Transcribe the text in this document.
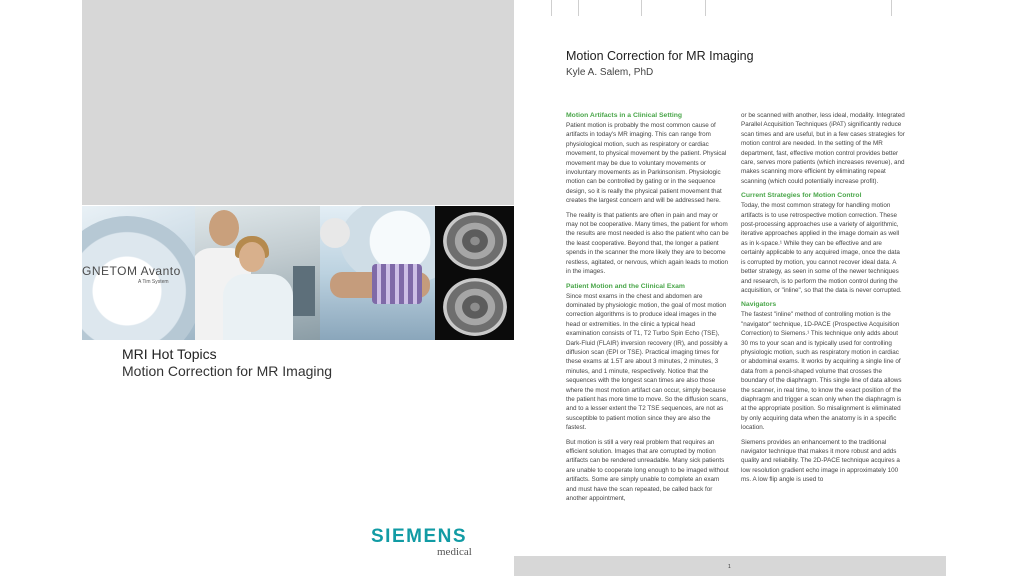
GNETOM Avanto
A Tim System
MRI Hot Topics
Motion Correction for MR Imaging
SIEMENS
medical
Motion Correction for MR Imaging
Kyle A. Salem, PhD
Motion Artifacts in a Clinical Setting

Patient motion is probably the most common cause of artifacts in today's MR imaging. This can range from physiological motion, such as respiratory or cardiac movement, to physical movement by the patient. Physical movement may be due to voluntary movements or involuntary movements as in Parkinsonism. Physiologic motion can be controlled by gating or in the sequence design, so it is really the physical patient movement that creates the largest concern and will be addressed here.

The reality is that patients are often in pain and may or may not be cooperative. Many times, the patient for whom the results are most needed is also the patient who can be the least cooperative. Beyond that, the longer a patient spends in the scanner the more likely they are to become restless, agitated, or nervous, which again leads to motion in the images.

Patient Motion and the Clinical Exam

Since most exams in the chest and abdomen are dominated by physiologic motion, the goal of most motion correction algorithms is to produce ideal images in the head or extremities. In the clinic a typical head examination consists of T1, T2 Turbo Spin Echo (TSE), Dark-Fluid (FLAIR) inversion recovery (IR), and possibly a diffusion scan (EPI or TSE). Practical imaging times for these exams at 1.5T are about 3 minutes, 2 minutes, 3 minutes, and 1 minute, respectively. Notice that the sequences with the longest scan times are also those where the most motion artifact can occur, simply because the patient has more time to move. So the diffusion scans, and to a lesser extent the T2 TSE sequences, are not as susceptible to patient motion since they are also the fastest.

But motion is still a very real problem that requires an efficient solution. Images that are corrupted by motion artifacts can be rendered unreadable. Many sick patients are unable to cooperate long enough to be imaged without artifacts. Some are simply unable to complete an exam and must have the scan repeated, be called back for another appointment,

or be scanned with another, less ideal, modality. Integrated Parallel Acquisition Techniques (iPAT) significantly reduce scan times and are useful, but in a few cases strategies for motion control are needed. In the setting of the MR department, fast, effective motion control provides better care, serves more patients (which increases revenue), and makes scanning more efficient by eliminating repeat scanning (which could potentially increase profit).

Current Strategies for Motion Control

Today, the most common strategy for handling motion artifacts is to use retrospective motion correction. These post-processing approaches use a variety of algorithmic, iterative approaches applied in the image domain as well as in k-space.¹ While they can be effective and are certainly applicable to any acquired image, once the data is corrupted by motion, you cannot recover ideal data. A better strategy, as seen in some of the newer techniques and research, is to perform the motion control during the acquisition, or "inline", so that the data is never corrupted.

Navigators

The fastest "inline" method of controlling motion is the "navigator" technique, 1D-PACE (Prospective Acquisition Correction) to Siemens.¹ This technique only adds about 30 ms to your scan and is typically used for controlling physiologic motion, such as respiratory motion in cardiac or abdominal exams. It works by acquiring a single line of data from a pencil-shaped volume that crosses the boundary of the diaphragm. This single line of data allows the scanner, in real time, to know the exact position of the diaphragm and trigger a scan only when the diaphragm is at the appropriate position. So misalignment is eliminated by only acquiring data when the anatomy is in a specific location.

Siemens provides an enhancement to the traditional navigator technique that makes it more robust and adds quality and reliability. The 2D-PACE technique acquires a low resolution gradient echo image in approximately 100 ms. A low flip angle is used to

1
